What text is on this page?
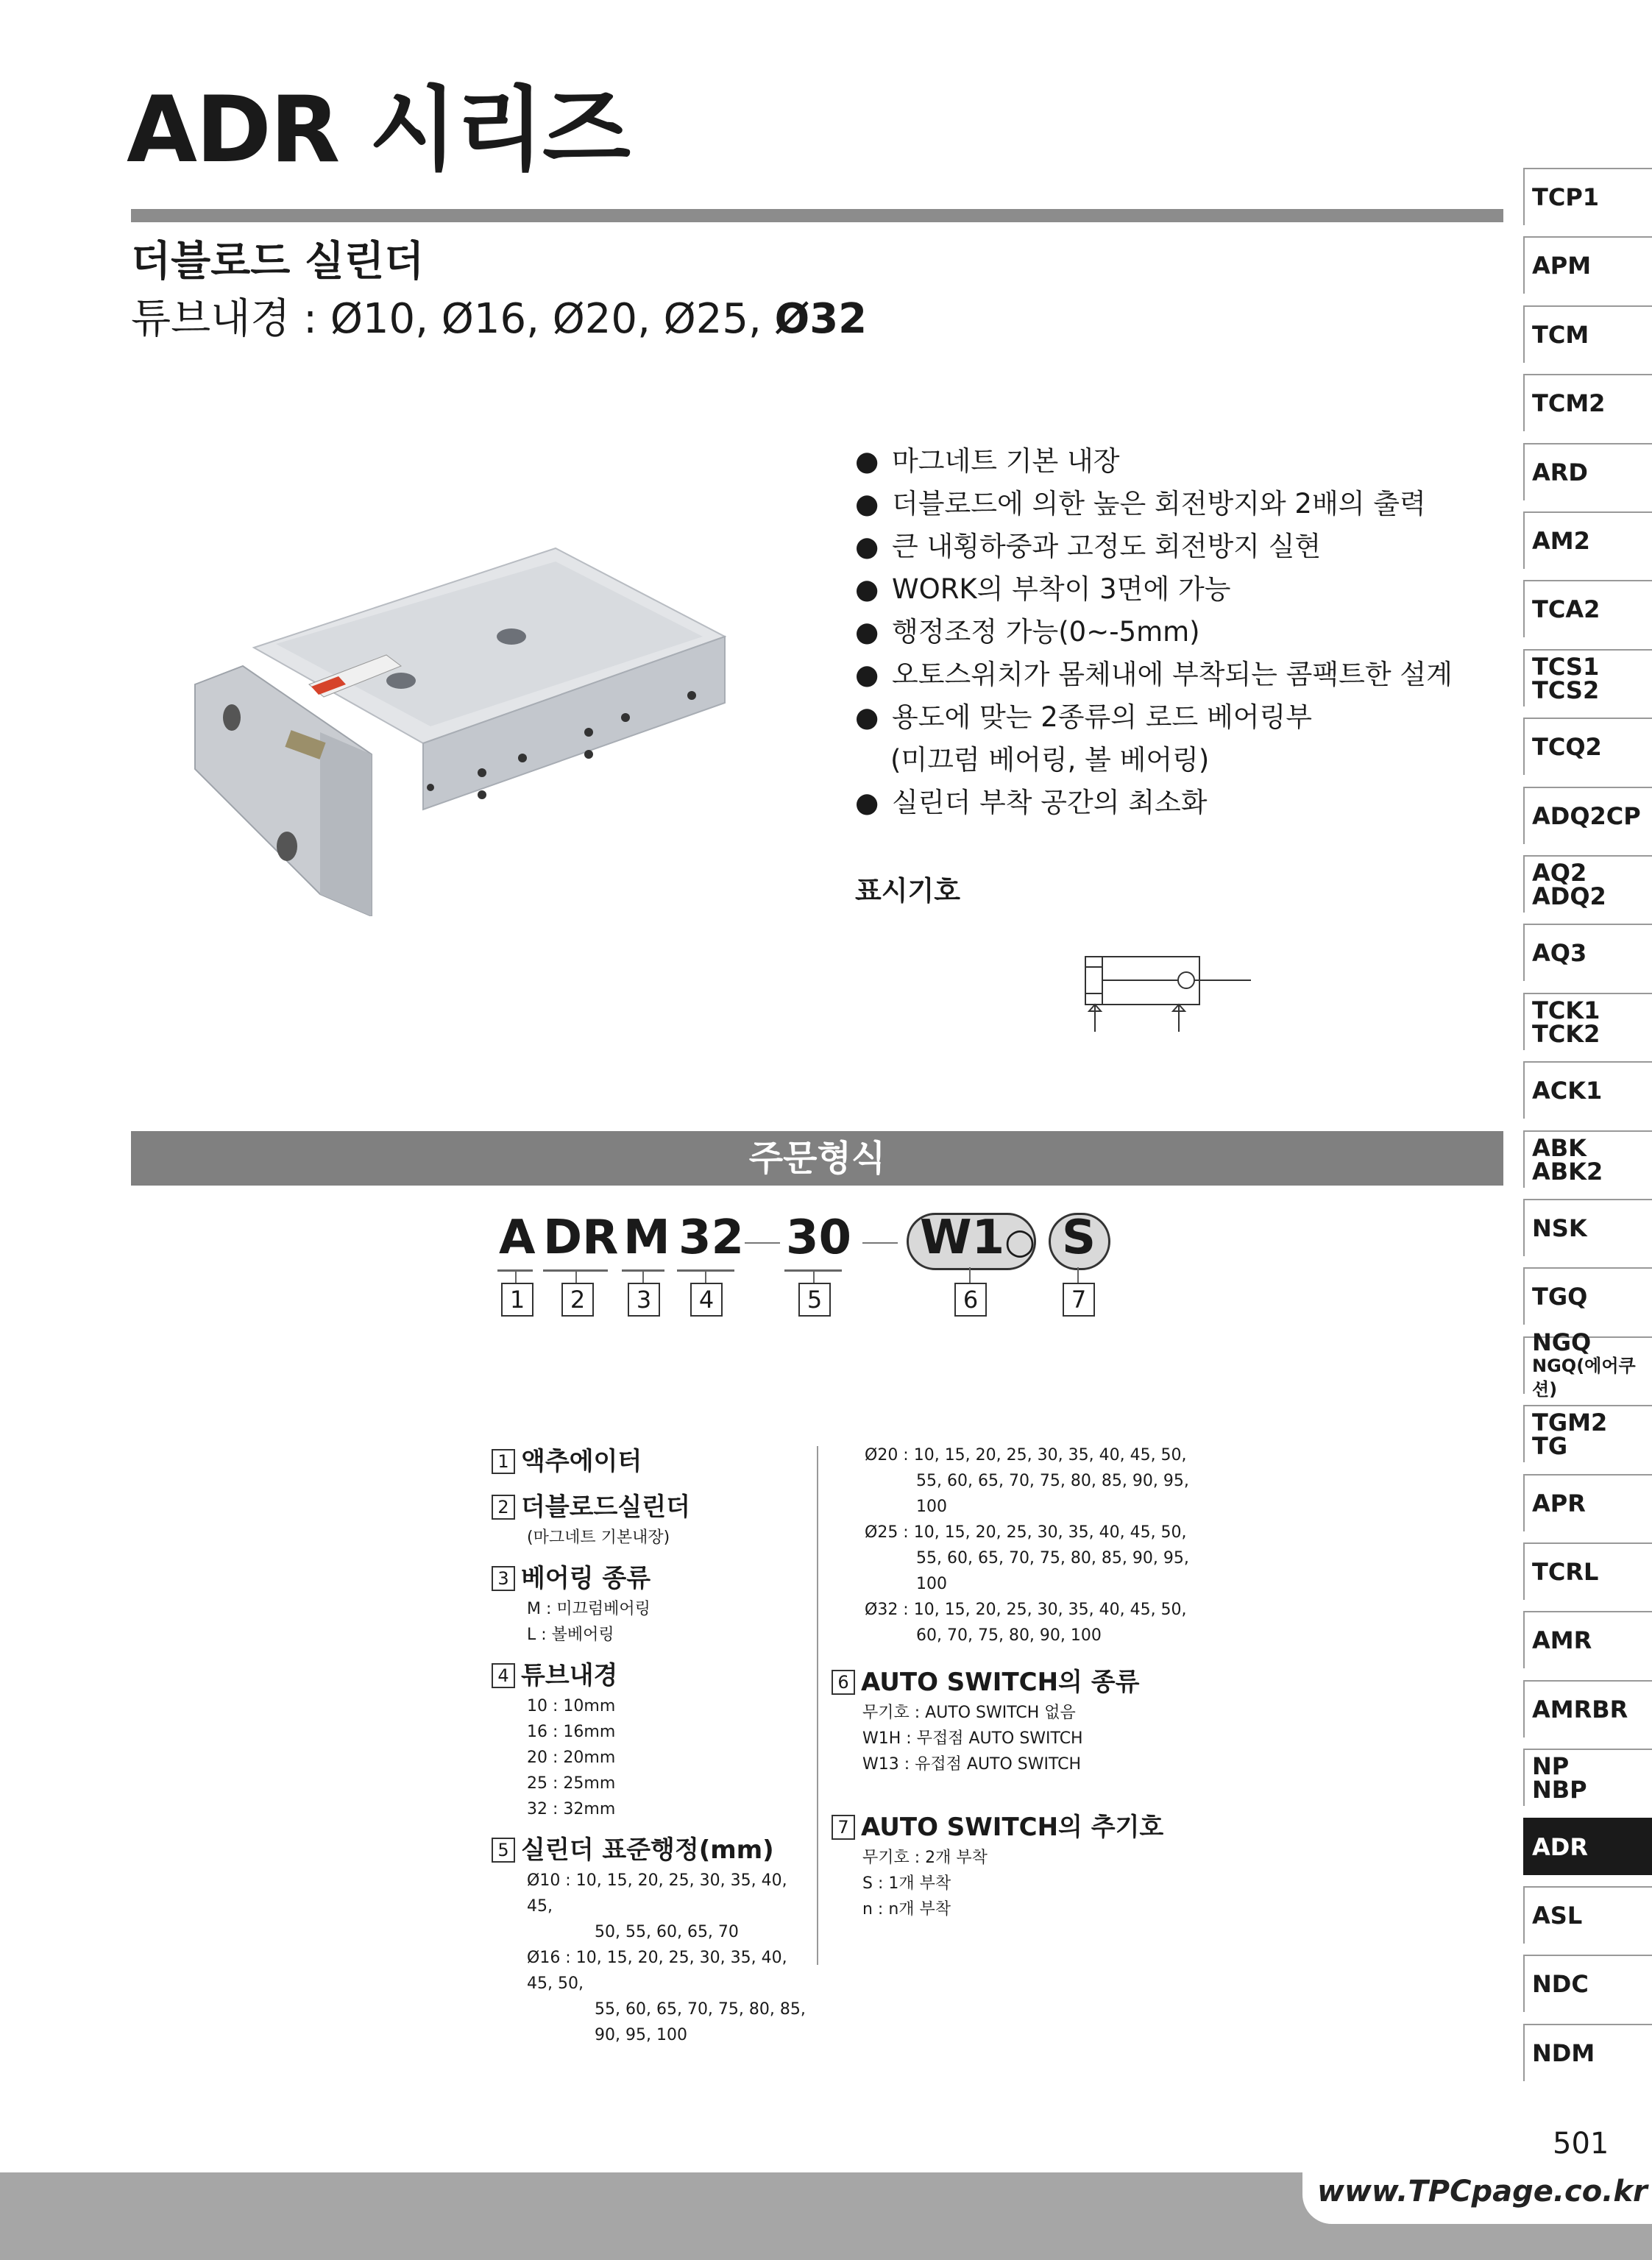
ADR 시리즈
더블로드 실린더
튜브내경 : Ø10, Ø16, Ø20, Ø25, Ø32
● 마그네트 기본 내장
● 더블로드에 의한 높은 회전방지와 2배의 출력
● 큰 내횡하중과 고정도 회전방지 실현
● WORK의 부착이 3면에 가능
● 행정조정 가능(0~-5mm)
● 오토스위치가 몸체내에 부착되는 콤팩트한 설계
● 용도에 맞는 2종류의 로드 베어링부
(미끄럼 베어링, 볼 베어링)
● 실린더 부착 공간의 최소화
표시기호
주문형식
A DR M 32 30 W1○ S
1	2	3	4	5	6	7
1 액추에이터
2 더블로드실린더
(마그네트 기본내장)
3 베어링 종류
M : 미끄럼베어링
L : 볼베어링
4 튜브내경
10 : 10mm
16 : 16mm
20 : 20mm
25 : 25mm
32 : 32mm
5 실린더 표준행정(mm)
Ø10 : 10, 15, 20, 25, 30, 35, 40, 45,
50, 55, 60, 65, 70
Ø16 : 10, 15, 20, 25, 30, 35, 40, 45, 50,
55, 60, 65, 70, 75, 80, 85, 90, 95, 100
Ø20 : 10, 15, 20, 25, 30, 35, 40, 45, 50,
55, 60, 65, 70, 75, 80, 85, 90, 95, 100
Ø25 : 10, 15, 20, 25, 30, 35, 40, 45, 50,
55, 60, 65, 70, 75, 80, 85, 90, 95, 100
Ø32 : 10, 15, 20, 25, 30, 35, 40, 45, 50,
60, 70, 75, 80, 90, 100
6 AUTO SWITCH의 종류
무기호 : AUTO SWITCH 없음
W1H : 무접점 AUTO SWITCH
W13 : 유접점 AUTO SWITCH
7 AUTO SWITCH의 추기호
무기호 : 2개 부착
S : 1개 부착
n : n개 부착
TCP1
APM
TCM
TCM2
ARD
AM2
TCA2
TCS1
TCS2
TCQ2
ADQ2CP
AQ2
ADQ2
AQ3
TCK1
TCK2
ACK1
ABK
ABK2
NSK
TGQ
NGQ
NGQ(에어쿠션)
TGM2
TG
APR
TCRL
AMR
AMRBR
NP
NBP
ADR
ASL
NDC
NDM
501
www.TPCpage.co.kr
